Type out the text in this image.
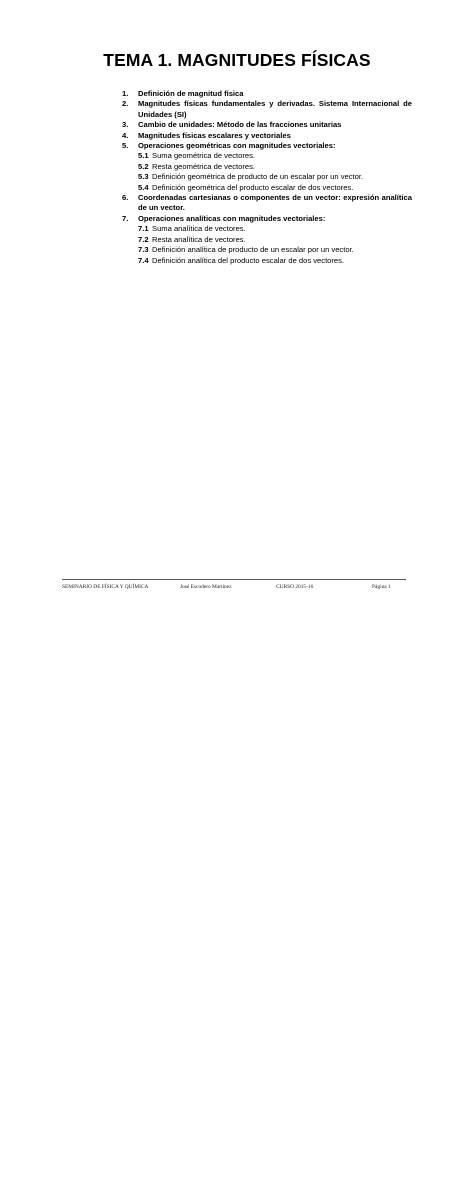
TEMA 1. MAGNITUDES FÍSICAS
1.	Definición de magnitud física
2.	Magnitudes físicas fundamentales y derivadas. Sistema Internacional de Unidades (SI)
3.	Cambio de unidades: Método de las fracciones unitarias
4.	Magnitudes físicas escalares y vectoriales
5.	Operaciones geométricas con magnitudes vectoriales:
5.1 Suma geométrica de vectores.
5.2 Resta geométrica de vectores.
5.3 Definición geométrica de producto de un escalar por un vector.
5.4 Definición geométrica del producto escalar de dos vectores.
6.	Coordenadas cartesianas o componentes de un vector: expresión analítica de un vector.
7.	Operaciones analíticas con magnitudes vectoriales:
7.1 Suma analítica de vectores.
7.2 Resta analítica de vectores.
7.3 Definición analítica de producto de un escalar por un vector.
7.4 Definición analítica del producto escalar de dos vectores.
SEMINARIO DE FÍSICA Y QUÍMICA	José Escudero Martínez	CURSO 2015-16	Página 1
